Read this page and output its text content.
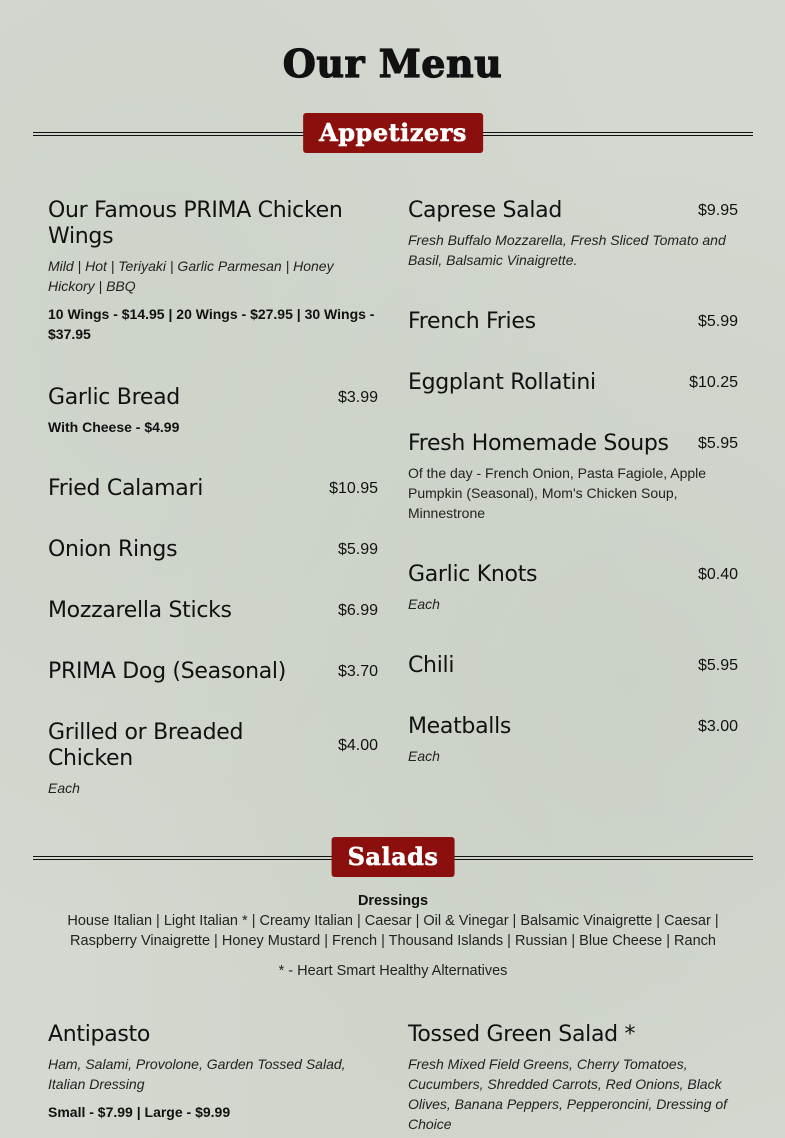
Our Menu
Appetizers
Our Famous PRIMA Chicken Wings
Mild | Hot | Teriyaki | Garlic Parmesan | Honey Hickory | BBQ
10 Wings - $14.95 | 20 Wings - $27.95 | 30 Wings - $37.95
Garlic Bread	$3.99
With Cheese - $4.99
Fried Calamari	$10.95
Onion Rings	$5.99
Mozzarella Sticks	$6.99
PRIMA Dog (Seasonal)	$3.70
Grilled or Breaded Chicken
$4.00
Each
Caprese Salad	$9.95
Fresh Buffalo Mozzarella, Fresh Sliced Tomato and Basil, Balsamic Vinaigrette.
French Fries	$5.99
Eggplant Rollatini	$10.25
Fresh Homemade Soups	$5.95
Of the day - French Onion, Pasta Fagiole, Apple Pumpkin (Seasonal), Mom's Chicken Soup, Minnestrone
Garlic Knots	$0.40
Each
Chili	$5.95
Meatballs	$3.00
Each
Salads
Dressings
House Italian | Light Italian * | Creamy Italian | Caesar | Oil & Vinegar | Balsamic Vinaigrette | Caesar | Raspberry Vinaigrette | Honey Mustard | French | Thousand Islands | Russian | Blue Cheese | Ranch
* - Heart Smart Healthy Alternatives
Antipasto
Ham, Salami, Provolone, Garden Tossed Salad, Italian Dressing
Small - $7.99 | Large - $9.99
Tossed Green Salad *
Fresh Mixed Field Greens, Cherry Tomatoes, Cucumbers, Shredded Carrots, Red Onions, Black Olives, Banana Peppers, Pepperoncini, Dressing of Choice
